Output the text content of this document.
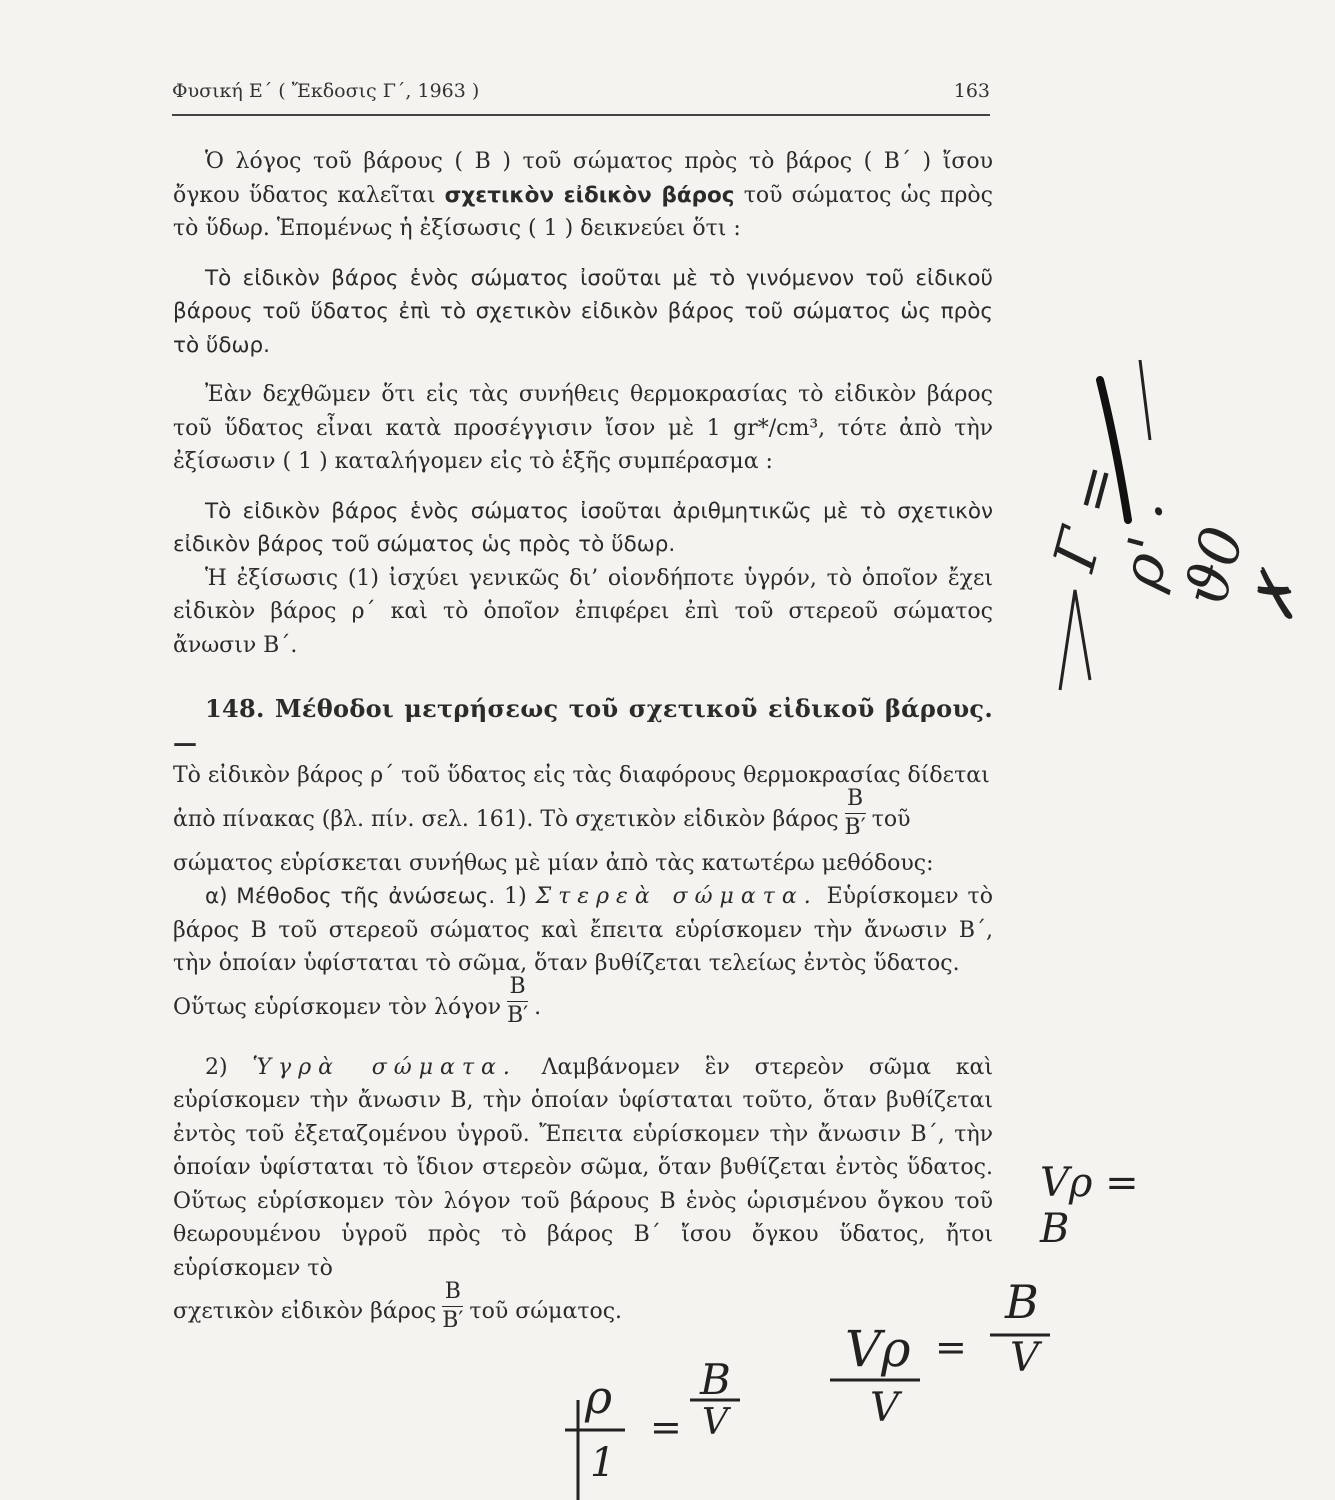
Φυσική Ε΄ ( Ἔκδοσις Γ΄, 1963 )	163

Ὁ λόγος τοῦ βάρους ( Β ) τοῦ σώματος πρὸς τὸ βάρος ( Β΄ ) ἴσου ὄγκου ὕδατος καλεῖται σχετικὸν εἰδικὸν βάρος τοῦ σώματος ὡς πρὸς τὸ ὕδωρ. Ἑπομένως ἡ ἐξίσωσις ( 1 ) δεικνεύει ὅτι :

Τὸ εἰδικὸν βάρος ἑνὸς σώματος ἰσοῦται μὲ τὸ γινόμενον τοῦ εἰδικοῦ βάρους τοῦ ὕδατος ἐπὶ τὸ σχετικὸν εἰδικὸν βάρος τοῦ σώματος ὡς πρὸς τὸ ὕδωρ.

Ἐὰν δεχθῶμεν ὅτι εἰς τὰς συνήθεις θερμοκρασίας τὸ εἰδικὸν βάρος τοῦ ὕδατος εἶναι κατὰ προσέγγισιν ἴσον μὲ 1 gr*/cm³, τότε ἀπὸ τὴν ἐξίσωσιν ( 1 ) καταλήγομεν εἰς τὸ ἑξῆς συμπέρασμα :

Τὸ εἰδικὸν βάρος ἑνὸς σώματος ἰσοῦται ἀριθμητικῶς μὲ τὸ σχετικὸν εἰδικὸν βάρος τοῦ σώματος ὡς πρὸς τὸ ὕδωρ.

Ἡ ἐξίσωσις (1) ἰσχύει γενικῶς δι’ οἱονδήποτε ὑγρόν, τὸ ὁποῖον ἔχει εἰδικὸν βάρος ρ΄ καὶ τὸ ὁποῖον ἐπιφέρει ἐπὶ τοῦ στερεοῦ σώματος ἄνωσιν Β΄.

148. Μέθοδοι μετρήσεως τοῦ σχετικοῦ εἰδικοῦ βάρους.—

Τὸ εἰδικὸν βάρος ρ΄ τοῦ ὕδατος εἰς τὰς διαφόρους θερμοκρασίας δίδεται

ἀπὸ πίνακας (βλ. πίν. σελ. 161). Τὸ σχετικὸν εἰδικὸν βάρος $\frac{B}{B'}$ τοῦ

σώματος εὑρίσκεται συνήθως μὲ μίαν ἀπὸ τὰς κατωτέρω μεθόδους:

α) Μέθοδος τῆς ἀνώσεως. 1) Στερεὰ σώματα. Εὑρίσκομεν τὸ βάρος Β τοῦ στερεοῦ σώματος καὶ ἔπειτα εὑρίσκομεν τὴν ἄνωσιν Β΄, τὴν ὁποίαν ὑφίσταται τὸ σῶμα, ὅταν βυθίζεται τελείως ἐντὸς ὕδατος.

Οὕτως εὑρίσκομεν τὸν λόγον $\frac{B}{B'}$ .

2) Ὑγρὰ σώματα. Λαμβάνομεν ἓν στερεὸν σῶμα καὶ εὑρίσκομεν τὴν ἄνωσιν Β, τὴν ὁποίαν ὑφίσταται τοῦτο, ὅταν βυθίζεται ἐντὸς τοῦ ἐξεταζομένου ὑγροῦ. Ἔπειτα εὑρίσκομεν τὴν ἄνωσιν Β΄, τὴν ὁποίαν ὑφίσταται τὸ ἴδιον στερεὸν σῶμα, ὅταν βυθίζεται ἐντὸς ὕδατος. Οὕτως εὑρίσκομεν τὸν λόγον τοῦ βάρους Β ἑνὸς ὡρισμένου ὄγκου τοῦ θεωρουμένου ὑγροῦ πρὸς τὸ βάρος Β΄ ἴσου ὄγκου ὕδατος, ἤτοι εὑρίσκομεν τὸ

σχετικὸν εἰδικὸν βάρος $\frac{B}{B'}$ τοῦ σώματος.

Γ = ρ' · ϑ0 ✗
Vρ = B
ρ
1
=
B
V
Vρ
V
=
B
V
